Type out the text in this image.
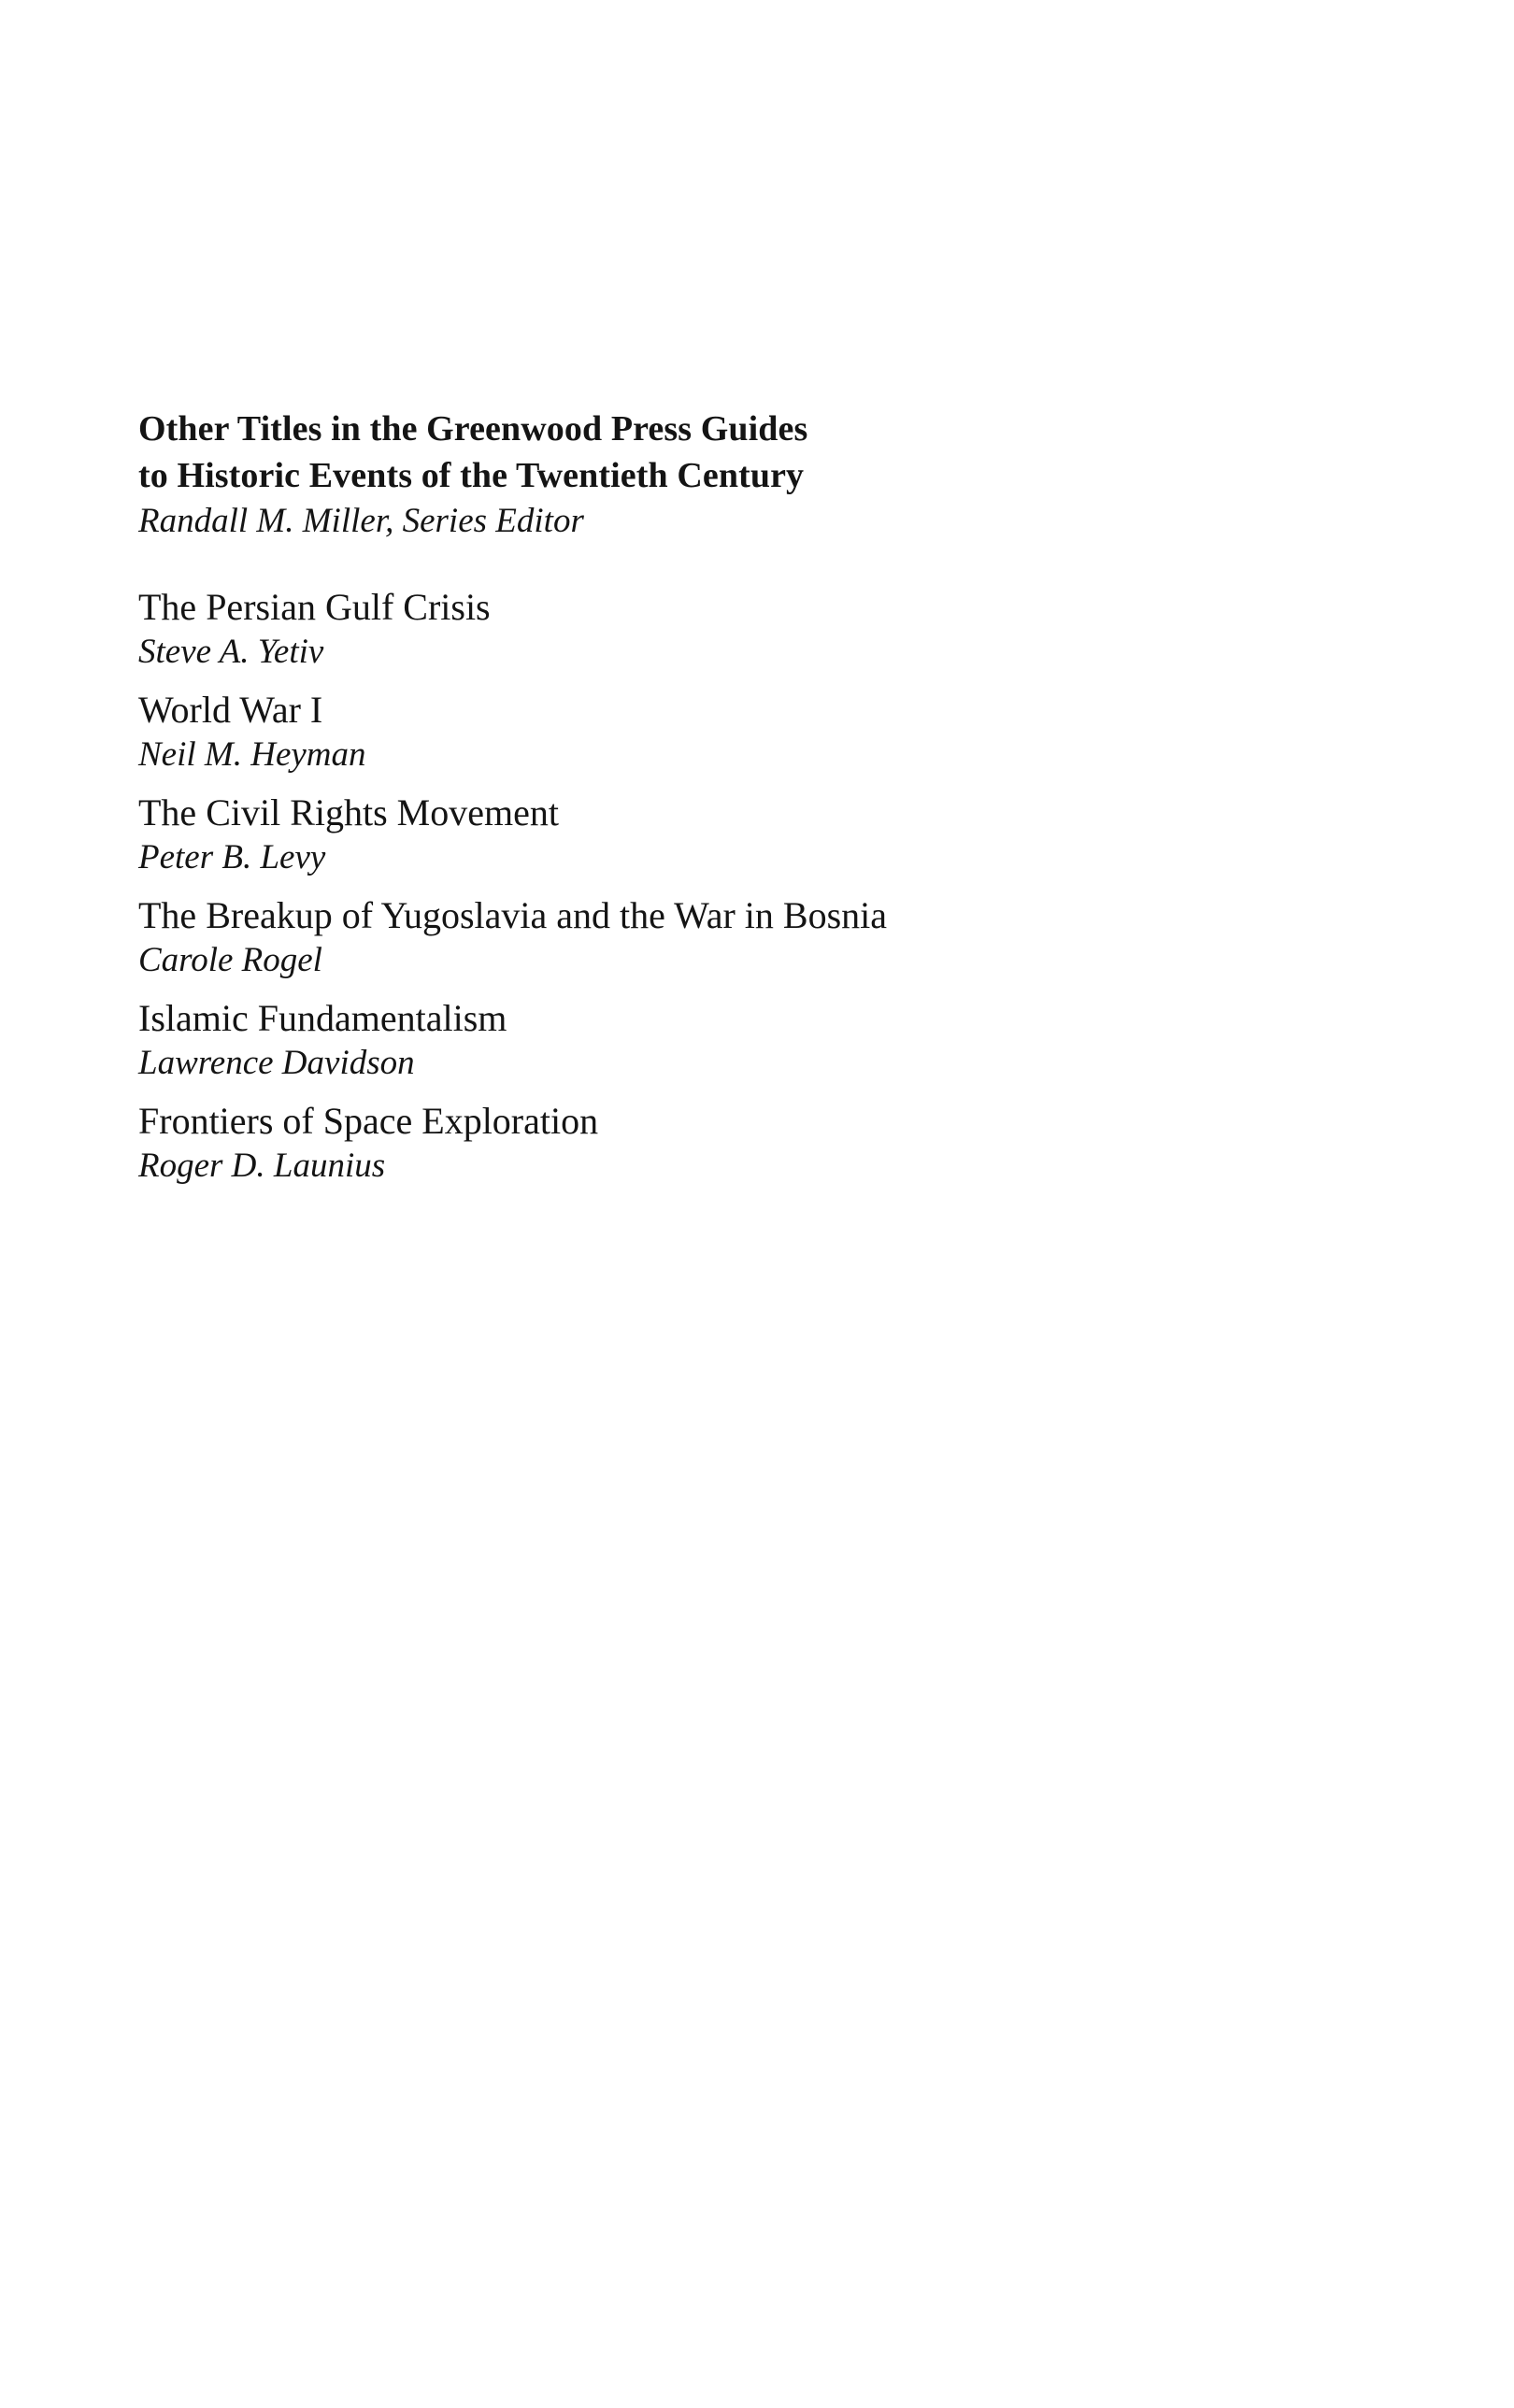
Other Titles in the Greenwood Press Guides
to Historic Events of the Twentieth Century

Randall M. Miller, Series Editor

The Persian Gulf Crisis
Steve A. Yetiv
World War I
Neil M. Heyman
The Civil Rights Movement
Peter B. Levy
The Breakup of Yugoslavia and the War in Bosnia
Carole Rogel
Islamic Fundamentalism
Lawrence Davidson
Frontiers of Space Exploration
Roger D. Launius
